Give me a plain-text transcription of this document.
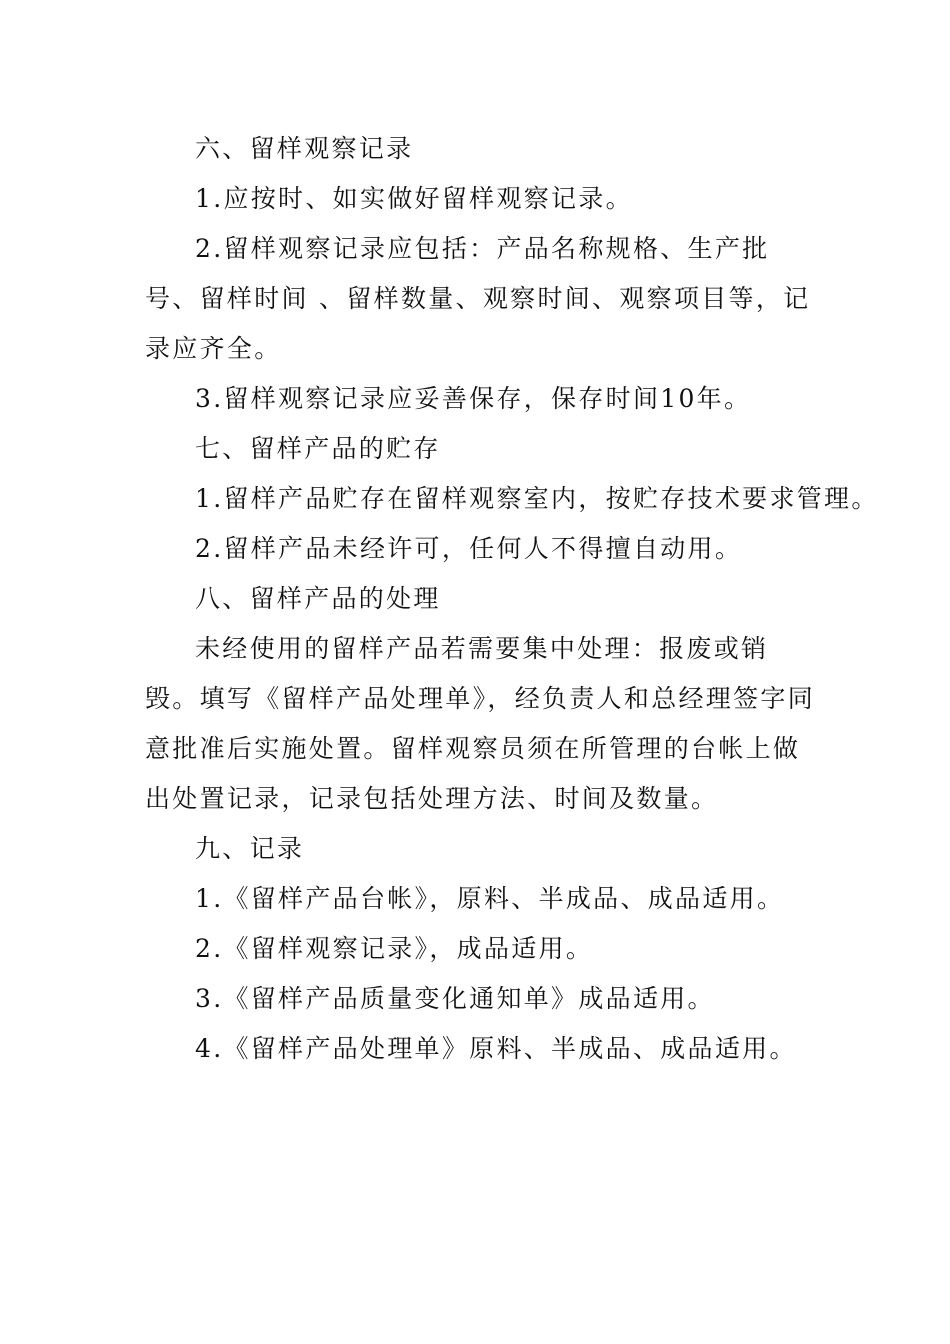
六、留样观察记录

1.应按时、如实做好留样观察记录。

2.留样观察记录应包括：产品名称规格、生产批号、留样时间 、留样数量、观察时间、观察项目等，记录应齐全。

3.留样观察记录应妥善保存，保存时间10年。

七、留样产品的贮存

1.留样产品贮存在留样观察室内，按贮存技术要求管理。

2.留样产品未经许可，任何人不得擅自动用。

八、留样产品的处理

未经使用的留样产品若需要集中处理：报废或销毁。填写《留样产品处理单》，经负责人和总经理签字同意批准后实施处置。留样观察员须在所管理的台帐上做出处置记录，记录包括处理方法、时间及数量。

九、记录

1.《留样产品台帐》，原料、半成品、成品适用。

2.《留样观察记录》，成品适用。

3.《留样产品质量变化通知单》成品适用。

4.《留样产品处理单》原料、半成品、成品适用。
